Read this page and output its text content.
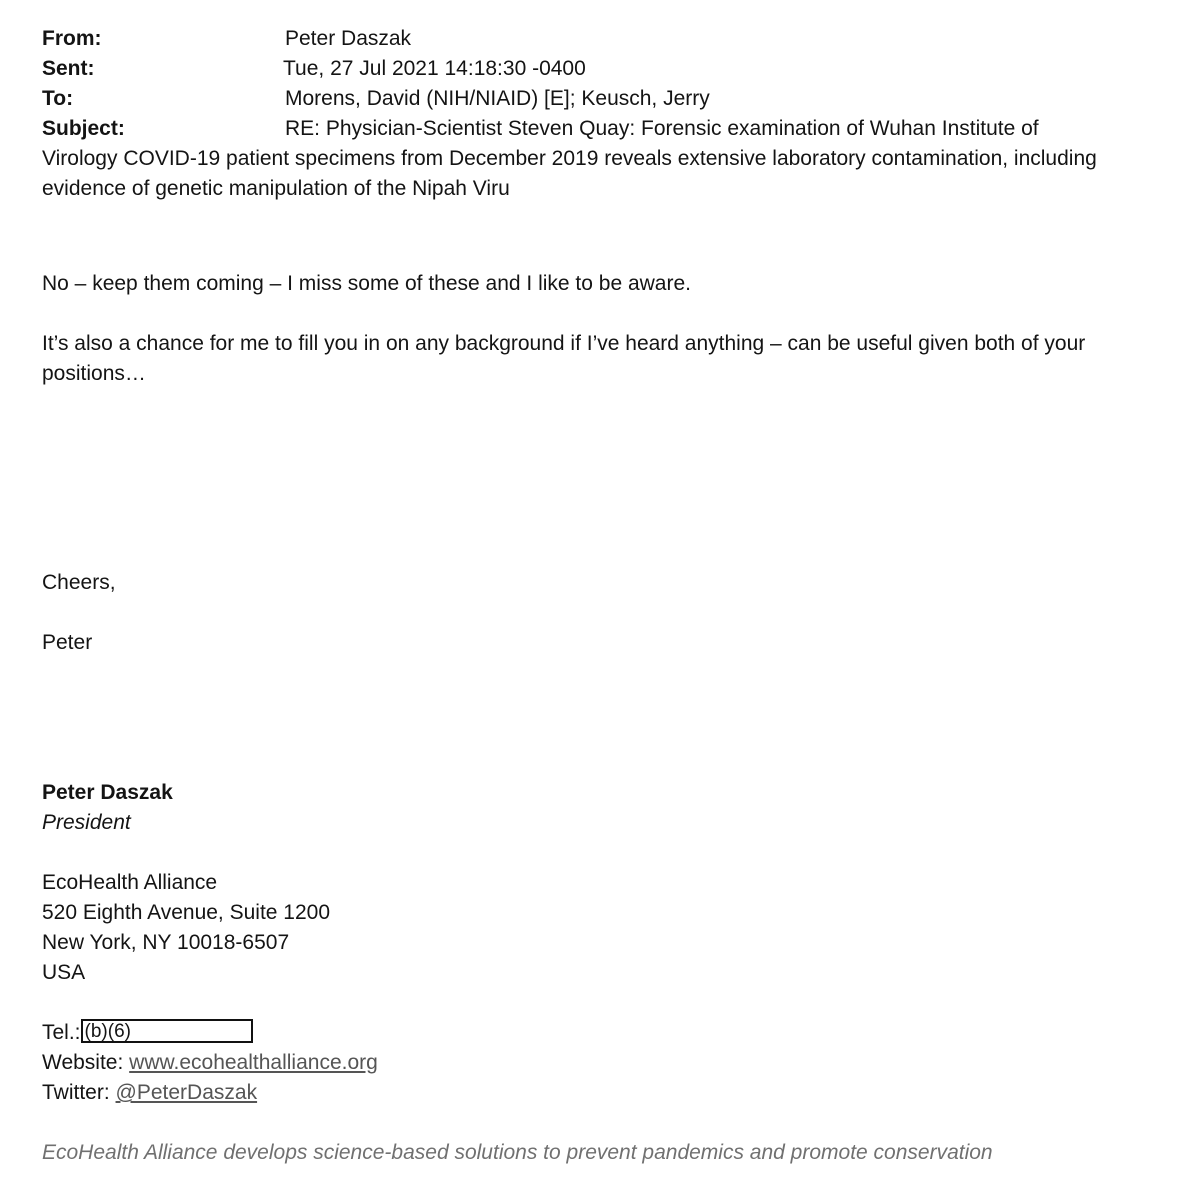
From:	Peter Daszak
Sent:	Tue, 27 Jul 2021 14:18:30 -0400
To:	Morens, David (NIH/NIAID) [E]; Keusch, Jerry
Subject:	RE: Physician-Scientist Steven Quay: Forensic examination of Wuhan Institute of Virology COVID-19 patient specimens from December 2019 reveals extensive laboratory contamination, including evidence of genetic manipulation of the Nipah Viru
No – keep them coming – I miss some of these and I like to be aware.
It’s also a chance for me to fill you in on any background if I’ve heard anything – can be useful given both of your positions…
Cheers,
Peter
Peter Daszak
President
EcoHealth Alliance
520 Eighth Avenue, Suite 1200
New York, NY 10018-6507
USA
Tel.: (b)(6)
Website: www.ecohealthalliance.org
Twitter: @PeterDaszak
EcoHealth Alliance develops science-based solutions to prevent pandemics and promote conservation
